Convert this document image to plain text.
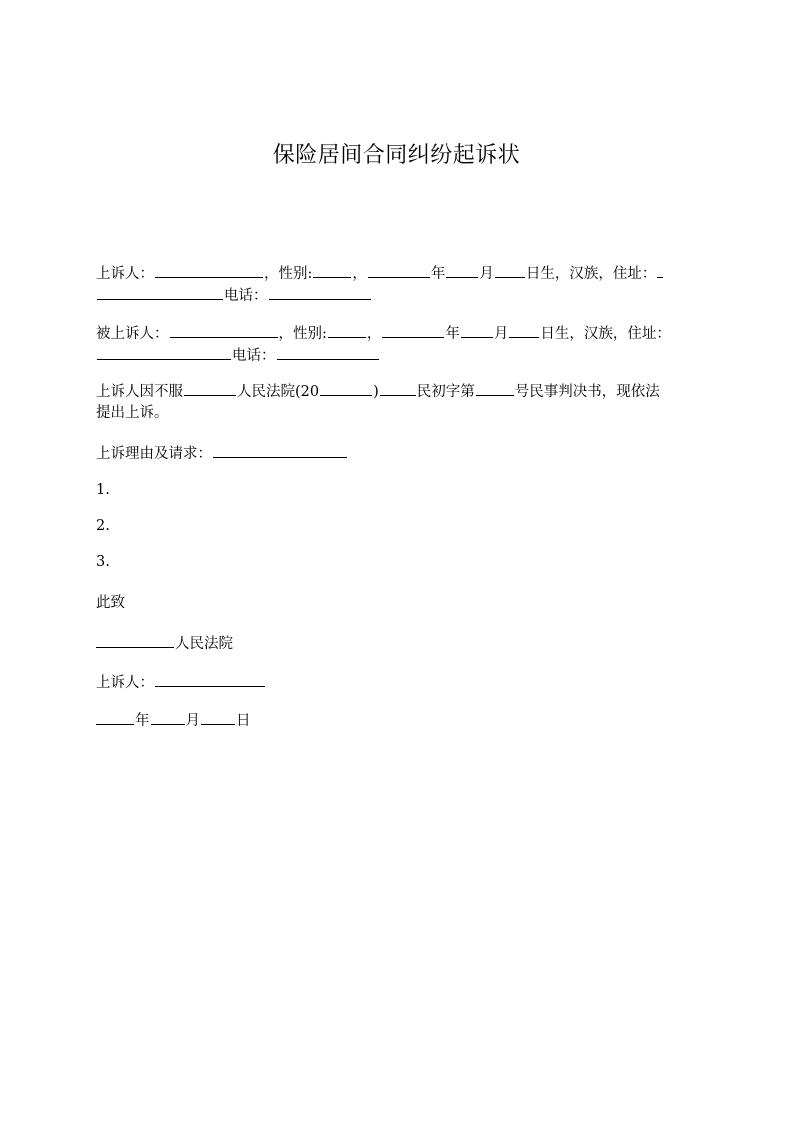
保险居间合同纠纷起诉状
上诉人：	，性别:	，	年 月 日生，汉族，住址：
电话：
被上诉人：	，性别:	，	年 月 日生，汉族，住址：
电话：
上诉人因不服	人民法院(20	)	民初字第	号民事判决书，现依法
提出上诉。
上诉理由及请求：
1.
2.
3.
此致
人民法院
上诉人：
年 月 日
